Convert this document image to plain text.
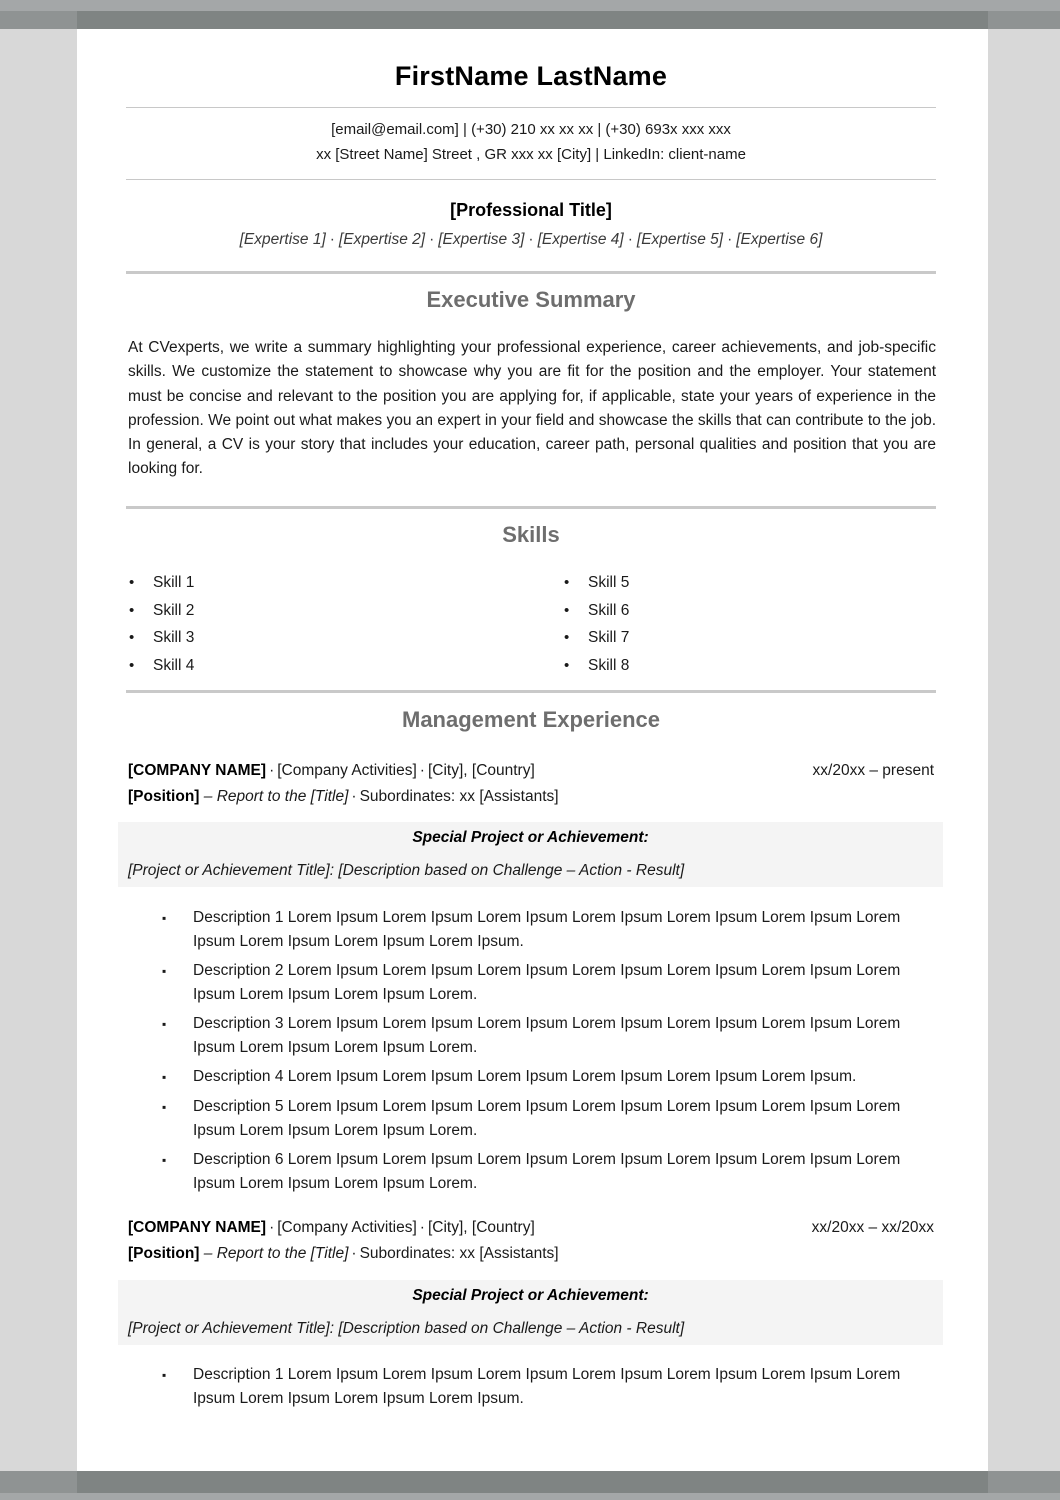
FirstName LastName
[email@email.com] | (+30) 210 xx xx xx | (+30) 693x xxx xxx
xx [Street Name] Street , GR xxx xx [City] | LinkedIn: client-name
[Professional Title]
[Expertise 1] · [Expertise 2] · [Expertise 3] · [Expertise 4] · [Expertise 5] · [Expertise 6]
Executive Summary
At CVexperts, we write a summary highlighting your professional experience, career achievements, and job-specific skills. We customize the statement to showcase why you are fit for the position and the employer. Your statement must be concise and relevant to the position you are applying for, if applicable, state your years of experience in the profession. We point out what makes you an expert in your field and showcase the skills that can contribute to the job. In general, a CV is your story that includes your education, career path, personal qualities and position that you are looking for.
Skills
• Skill 1
• Skill 2
• Skill 3
• Skill 4
• Skill 5
• Skill 6
• Skill 7
• Skill 8
Management Experience
[COMPANY NAME] · [Company Activities] · [City], [Country]	xx/20xx – present
[Position] – Report to the [Title] · Subordinates: xx [Assistants]
Special Project or Achievement:
[Project or Achievement Title]: [Description based on Challenge – Action - Result]
▪ Description 1 Lorem Ipsum Lorem Ipsum Lorem Ipsum Lorem Ipsum Lorem Ipsum Lorem Ipsum Lorem Ipsum Lorem Ipsum Lorem Ipsum Lorem Ipsum.
▪ Description 2 Lorem Ipsum Lorem Ipsum Lorem Ipsum Lorem Ipsum Lorem Ipsum Lorem Ipsum Lorem Ipsum Lorem Ipsum Lorem Ipsum Lorem.
▪ Description 3 Lorem Ipsum Lorem Ipsum Lorem Ipsum Lorem Ipsum Lorem Ipsum Lorem Ipsum Lorem Ipsum Lorem Ipsum Lorem Ipsum Lorem.
▪ Description 4 Lorem Ipsum Lorem Ipsum Lorem Ipsum Lorem Ipsum Lorem Ipsum Lorem Ipsum.
▪ Description 5 Lorem Ipsum Lorem Ipsum Lorem Ipsum Lorem Ipsum Lorem Ipsum Lorem Ipsum Lorem Ipsum Lorem Ipsum Lorem Ipsum Lorem.
▪ Description 6 Lorem Ipsum Lorem Ipsum Lorem Ipsum Lorem Ipsum Lorem Ipsum Lorem Ipsum Lorem Ipsum Lorem Ipsum Lorem Ipsum Lorem.
[COMPANY NAME] · [Company Activities] · [City], [Country]	xx/20xx – xx/20xx
[Position] – Report to the [Title] · Subordinates: xx [Assistants]
Special Project or Achievement:
[Project or Achievement Title]: [Description based on Challenge – Action - Result]
▪ Description 1 Lorem Ipsum Lorem Ipsum Lorem Ipsum Lorem Ipsum Lorem Ipsum Lorem Ipsum Lorem Ipsum Lorem Ipsum Lorem Ipsum Lorem Ipsum.
